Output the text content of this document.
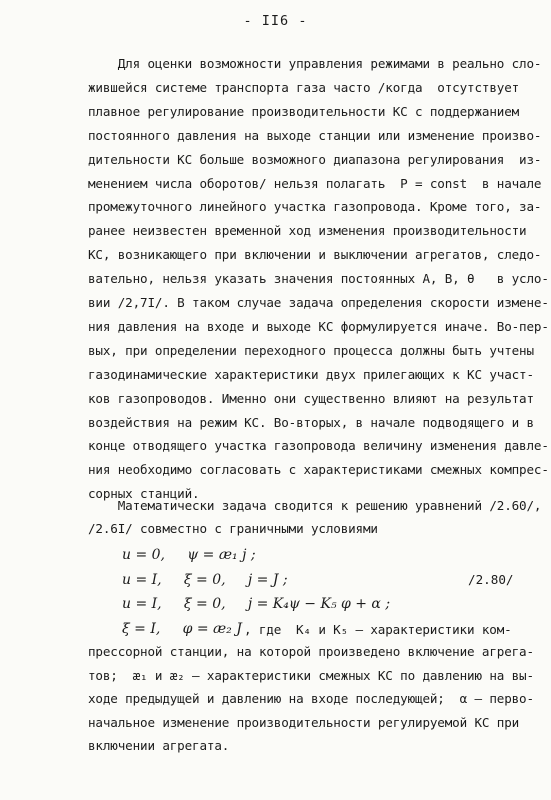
- II6 -
Для оценки возможности управления режимами в реально сло-
жившейся системе транспорта газа часто /когда  отсутствует
плавное регулирование производительности КС с поддержанием
постоянного давления на выходе станции или изменение произво-
дительности КС больше возможного диапазона регулирования  из-
менением числа оборотов/ нельзя полагать  P = const  в начале
промежуточного линейного участка газопровода. Кроме того, за-
ранее неизвестен временной ход изменения производительности
КС, возникающего при включении и выключении агрегатов, следо-
вательно, нельзя указать значения постоянных А, В, θ   в усло-
вии /2,7I/. В таком случае задача определения скорости измене-
ния давления на входе и выходе КС формулируется иначе. Во-пер-
вых, при определении переходного процесса должны быть учтены
газодинамические характеристики двух прилегающих к КС участ-
ков газопроводов. Именно они существенно влияют на результат
воздействия на режим КС. Во-вторых, в начале подводящего и в
конце отводящего участка газопровода величину изменения давле-
ния необходимо согласовать с характеристиками смежных компрес-
сорных станций.
Математически задача сводится к решению уравнений /2.60/,
/2.6I/ совместно с граничными условиями
u = 0,     ψ = æ₁ j ;
u = I,     ξ = 0,     j = J ;
u = I,     ξ = 0,     j = K₄ψ − K₅ φ + α ;
ξ = I,     φ = æ₂ J
/2.80/
, где  K₄ и K₅ – характеристики ком-
прессорной станции, на которой произведено включение агрега-
тов;  æ₁ и æ₂ – характеристики смежных КС по давлению на вы-
ходе предыдущей и давлению на входе последующей;  α – перво-
начальное изменение производительности регулируемой КС при
включении агрегата.
